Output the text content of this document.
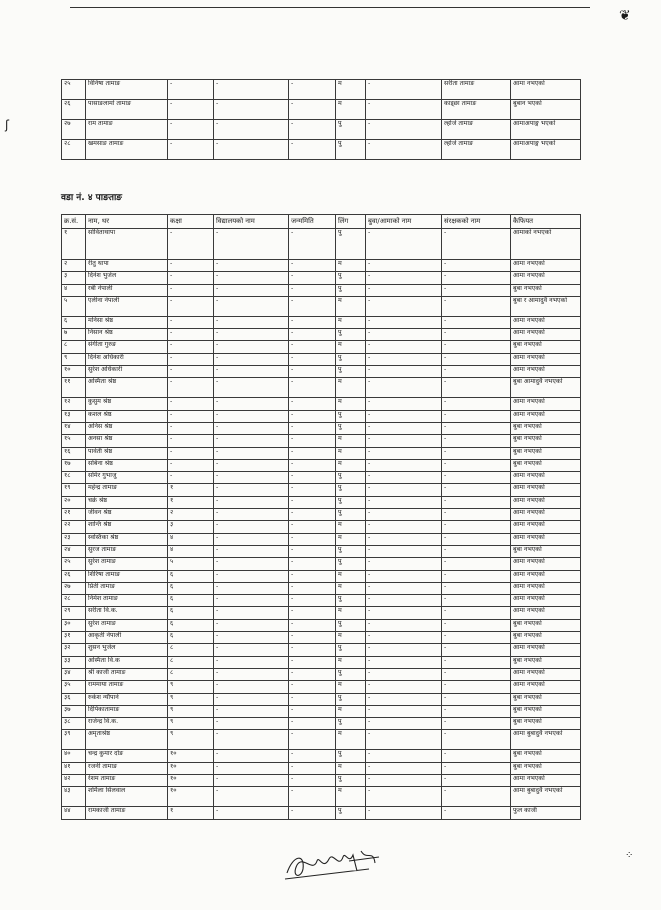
❦
ʃ
⁘
२५	विनिषा तामाङ	-	-	-	म	-	सरीता तामाङ	आमा नभएको
२६	पासाङलामो तामाङ	-	-	-	म	-	काइ्छा तामाङ	बुबान भएको
२७	राम तामाङ	-	-	-	पु	-	ल्होजे तामाङ	आमाअपाङ्ग भएको
२८	खमसाङ तामाङ	-	-	-	पु	-	ल्होजे तामाङ	आमाअपाङ्ग भएको
वडा नं. ४ पाङताङ
क्र.सं.	नाम, थर	कक्षा	विद्यालयको नाम	जन्ममिति	लिंग	बुवा/आमाको नाम	संरक्षकको नाम	कैफियत
१	सोविताथापा	-	-	-	पु	-	-	आमाको नभएको
२	रीतु थापा	-	-	-	म	-	-	आमा नभएको
३	दिनेश भुजेल	-	-	-	पु	-	-	आमा नभएको
४	रबी नेपाली	-	-	-	पु	-	-	बुबा नभएको
५	एलीना नेपाली	-	-	-	म	-	-	बुबा र आमादुवै नभएको
६	मनिसा श्रेष्ठ	-	-	-	म	-	-	आमा नभएको
७	निसान श्रेष्ठ	-	-	-	पु	-	-	आमा नभएको
८	संगीता गुरुङ	-	-	-	म	-	-	बुबा नभएको
९	दिनेश अधिकारी	-	-	-	पु	-	-	आमा नभएको
१०	सुरेश अधिकारी	-	-	-	पु	-	-	आमा नभएको
११	अस्मिता श्रेष्ठ	-	-	-	म	-	-	बुबा आमादुवै नभएको
१२	कुसुम श्रेष्ठ	-	-	-	म	-	-	आमा नभएको
१३	कशल श्रेष्ठ	-	-	-	पु	-	-	आमा नभएको
१४	अनिस श्रेष्ठ	-	-	-	पु	-	-	बुबा नभएको
१५	अनसा श्रेष्ठ	-	-	-	म	-	-	बुबा नभएको
१६	पार्वती श्रेष्ठ	-	-	-	म	-	-	बुबा नभएको
१७	सबिना श्रेष्ठ	-	-	-	म	-	-	बुबा नभएको
१८	समिर गुभाजु	-	-	-	पु	-	-	आमा नभएको
१९	महेन्द्र तामाङ	१	-	-	पु	-	-	आमा नभएको
२०	चक्रे श्रेष्ठ	१	-	-	पु	-	-	आमा नभएको
२१	जीवन श्रेष्ठ	२	-	-	पु	-	-	आमा नभएको
२२	शान्ति श्रेष्ठ	३	-	-	म	-	-	आमा नभएको
२३	स्वस्तिका श्रेष्ठ	४	-	-	म	-	-	आमा नभएको
२४	सुरज तामाङ	४	-	-	पु	-	-	बुबा नभएको
२५	सुरेश तामाङ	५	-	-	पु	-	-	आमा नभएको
२६	शिरिषा तामाङ	६	-	-	म	-	-	आमा नभएको
२७	प्रिती तामाङ	६	-	-	म	-	-	आमा नभएको
२८	निमेश तामाङ	६	-	-	पु	-	-	आमा नभएको
२९	सरीता वि.क.	६	-	-	म	-	-	आमा नभएको
३०	सुरेश तामाङ	६	-	-	पु	-	-	बुबा नभएको
३१	आकृती नेपाली	६	-	-	म	-	-	बुबा नभएको
३२	शुसन भुजेल	८	-	-	पु	-	-	आमा नभएको
३३	अस्मिता वि.क	८	-	-	म	-	-	बुबा नभएको
३४	श्री काजी तामाङ	८	-	-	पु	-	-	आमा नभएको
३५	राममाया तामाङ	९	-	-	म	-	-	आमा नभएको
३६	रुकेश न्यौपाने	९	-	-	पु	-	-	बुबा नभएको
३७	दिपिकातामाङ	९	-	-	म	-	-	बुबा नभएको
३८	राजेन्द्र वि.क.	९	-	-	पु	-	-	बुबा नभएको
३९	अमृताश्रेष्ठ	९	-	-	म	-	-	आमा बुबादुवै नभएको
४०	चन्द्र कुमार दोङ	१०	-	-	पु	-	-	बुबा नभएको
४१	रजनी तामाङ	१०	-	-	म	-	-	बुबा नभएको
४२	रेशम तामाङ	१०	-	-	पु	-	-	आमा नभएको
४३	शर्मिला सिलवाल	१०	-	-	म	-	-	आमा बुबादुवै नभएको
४४	रामकाजी तामाङ	१	-	-	पु	-	-	फुल काजी
